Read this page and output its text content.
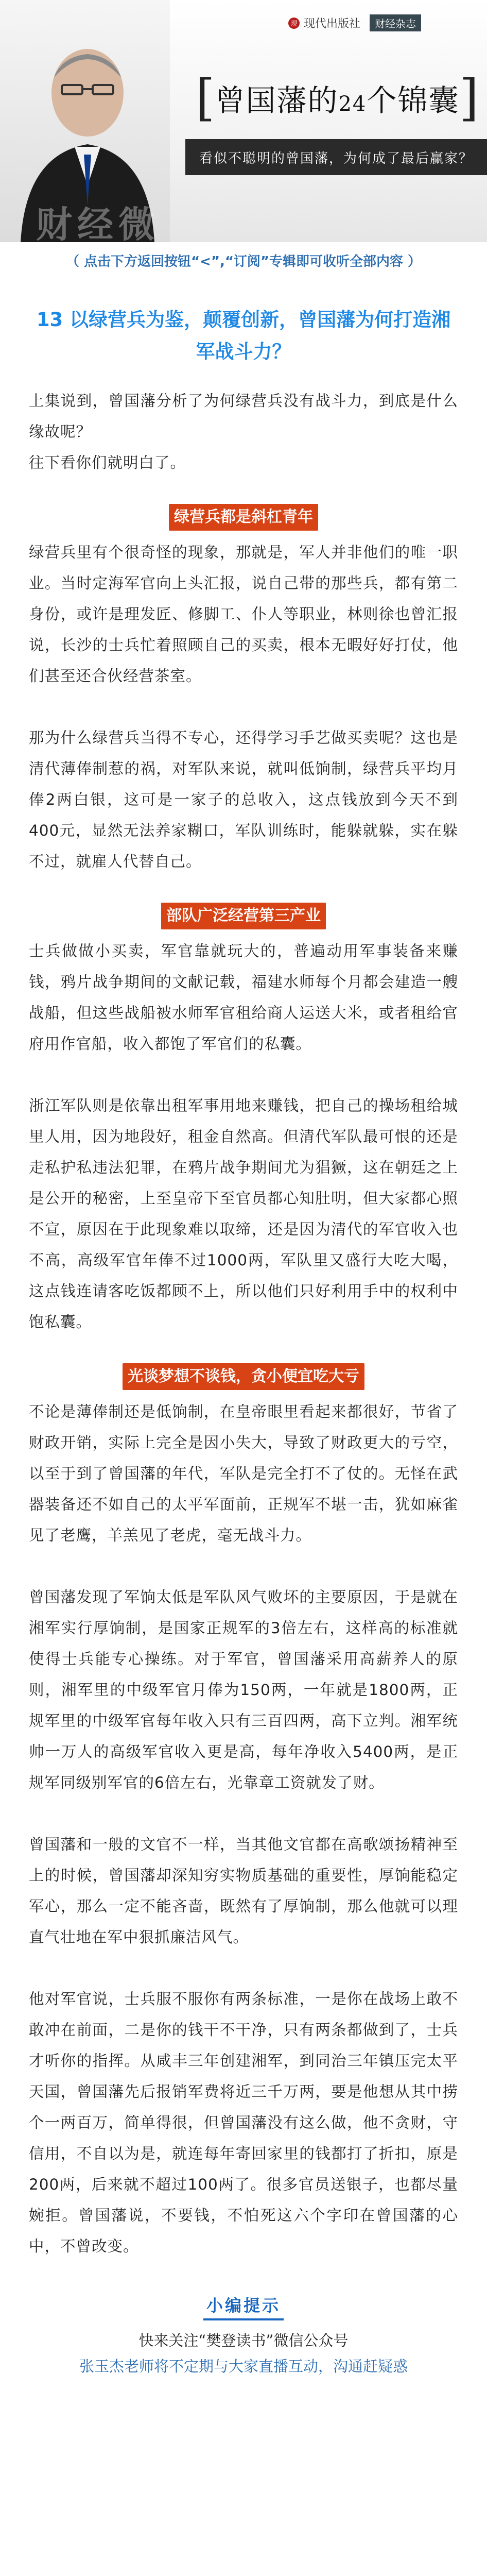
现 现代出版社	财经杂志
[ 曾国藩的24个锦囊 ]
看似不聪明的曾国藩，为何成了最后赢家？
财经微
（ 点击下方返回按钮“<”,“订阅”专辑即可收听全部内容 ）
13 以绿营兵为鉴，颠覆创新，曾国藩为何打造湘军战斗力？

上集说到，曾国藩分析了为何绿营兵没有战斗力，到底是什么缘故呢？

往下看你们就明白了。

绿营兵都是斜杠青年

绿营兵里有个很奇怪的现象，那就是，军人并非他们的唯一职业。当时定海军官向上头汇报，说自己带的那些兵，都有第二身份，或许是理发匠、修脚工、仆人等职业，林则徐也曾汇报说，长沙的士兵忙着照顾自己的买卖，根本无暇好好打仗，他们甚至还合伙经营茶室。

那为什么绿营兵当得不专心，还得学习手艺做买卖呢？这也是清代薄俸制惹的祸，对军队来说，就叫低饷制，绿营兵平均月俸2两白银，这可是一家子的总收入，这点钱放到今天不到400元，显然无法养家糊口，军队训练时，能躲就躲，实在躲不过，就雇人代替自己。

部队广泛经营第三产业

士兵做做小买卖，军官靠就玩大的，普遍动用军事装备来赚钱，鸦片战争期间的文献记载，福建水师每个月都会建造一艘战船，但这些战船被水师军官租给商人运送大米，或者租给官府用作官船，收入都饱了军官们的私囊。

浙江军队则是依靠出租军事用地来赚钱，把自己的操场租给城里人用，因为地段好，租金自然高。但清代军队最可恨的还是走私护私违法犯罪，在鸦片战争期间尤为猖獗，这在朝廷之上是公开的秘密，上至皇帝下至官员都心知肚明，但大家都心照不宣，原因在于此现象难以取缔，还是因为清代的军官收入也不高，高级军官年俸不过1000两，军队里又盛行大吃大喝，这点钱连请客吃饭都顾不上，所以他们只好利用手中的权利中饱私囊。

光谈梦想不谈钱，贪小便宜吃大亏

不论是薄俸制还是低饷制，在皇帝眼里看起来都很好，节省了财政开销，实际上完全是因小失大，导致了财政更大的亏空，以至于到了曾国藩的年代，军队是完全打不了仗的。无怪在武器装备还不如自己的太平军面前，正规军不堪一击，犹如麻雀见了老鹰，羊羔见了老虎，毫无战斗力。

曾国藩发现了军饷太低是军队风气败坏的主要原因，于是就在湘军实行厚饷制，是国家正规军的3倍左右，这样高的标准就使得士兵能专心操练。对于军官，曾国藩采用高薪养人的原则，湘军里的中级军官月俸为150两，一年就是1800两，正规军里的中级军官每年收入只有三百四两，高下立判。湘军统帅一万人的高级军官收入更是高，每年净收入5400两，是正规军同级别军官的6倍左右，光靠章工资就发了财。

曾国藩和一般的文官不一样，当其他文官都在高歌颂扬精神至上的时候，曾国藩却深知穷实物质基础的重要性，厚饷能稳定军心，那么一定不能吝啬，既然有了厚饷制，那么他就可以理直气壮地在军中狠抓廉洁风气。

他对军官说，士兵服不服你有两条标准，一是你在战场上敢不敢冲在前面，二是你的钱干不干净，只有两条都做到了，士兵才听你的指挥。从咸丰三年创建湘军，到同治三年镇压完太平天国，曾国藩先后报销军费将近三千万两，要是他想从其中捞个一两百万，简单得很，但曾国藩没有这么做，他不贪财，守信用，不自以为是，就连每年寄回家里的钱都打了折扣，原是200两，后来就不超过100两了。很多官员送银子，也都尽量婉拒。曾国藩说，不要钱，不怕死这六个字印在曾国藩的心中，不曾改变。

小编提示
快来关注“樊登读书”微信公众号
张玉杰老师将不定期与大家直播互动，沟通赶疑惑
